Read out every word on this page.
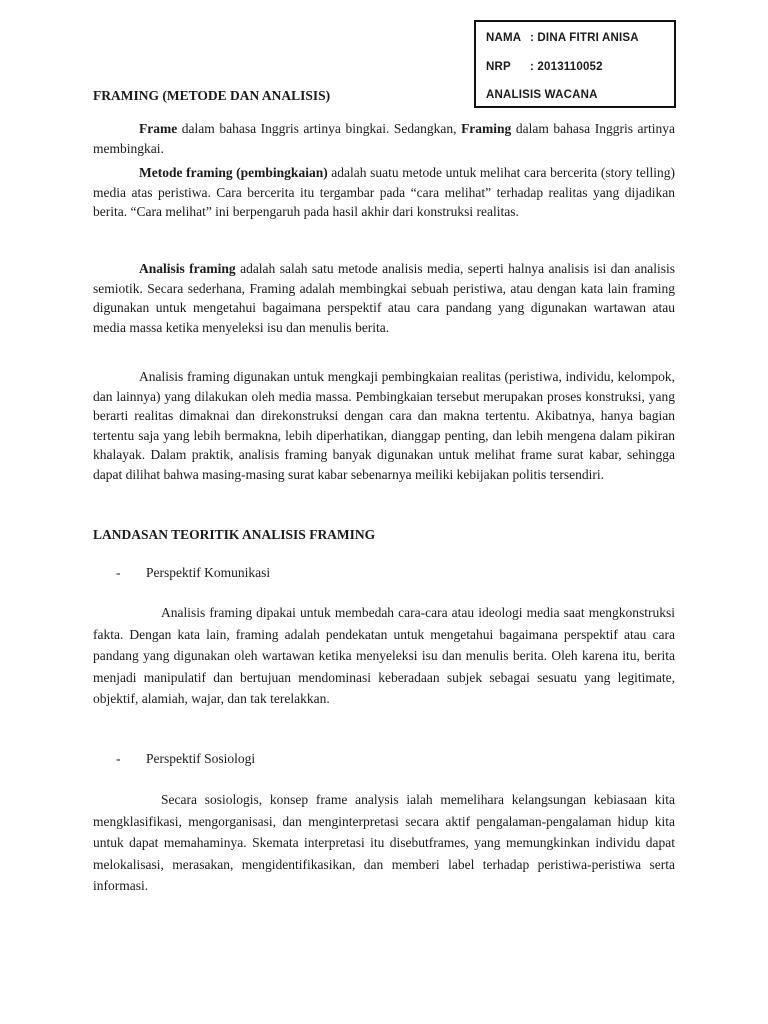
NAMA : DINA FITRI ANISA
NRP : 2013110052
ANALISIS WACANA
FRAMING (METODE DAN ANALISIS)

Frame dalam bahasa Inggris artinya bingkai. Sedangkan, Framing dalam bahasa Inggris artinya membingkai.

Metode framing (pembingkaian) adalah suatu metode untuk melihat cara bercerita (story telling) media atas peristiwa. Cara bercerita itu tergambar pada “cara melihat” terhadap realitas yang dijadikan berita. “Cara melihat” ini berpengaruh pada hasil akhir dari konstruksi realitas.

Analisis framing adalah salah satu metode analisis media, seperti halnya analisis isi dan analisis semiotik. Secara sederhana, Framing adalah membingkai sebuah peristiwa, atau dengan kata lain framing digunakan untuk mengetahui bagaimana perspektif atau cara pandang yang digunakan wartawan atau media massa ketika menyeleksi isu dan menulis berita.

Analisis framing digunakan untuk mengkaji pembingkaian realitas (peristiwa, individu, kelompok, dan lainnya) yang dilakukan oleh media massa. Pembingkaian tersebut merupakan proses konstruksi, yang berarti realitas dimaknai dan direkonstruksi dengan cara dan makna tertentu. Akibatnya, hanya bagian tertentu saja yang lebih bermakna, lebih diperhatikan, dianggap penting, dan lebih mengena dalam pikiran khalayak. Dalam praktik, analisis framing banyak digunakan untuk melihat frame surat kabar, sehingga dapat dilihat bahwa masing-masing surat kabar sebenarnya meiliki kebijakan politis tersendiri.

LANDASAN TEORITIK ANALISIS FRAMING
- Perspektif Komunikasi

Analisis framing dipakai untuk membedah cara-cara atau ideologi media saat mengkonstruksi fakta. Dengan kata lain, framing adalah pendekatan untuk mengetahui bagaimana perspektif atau cara pandang yang digunakan oleh wartawan ketika menyeleksi isu dan menulis berita. Oleh karena itu, berita menjadi manipulatif dan bertujuan mendominasi keberadaan subjek sebagai sesuatu yang legitimate, objektif, alamiah, wajar, dan tak terelakkan.

- Perspektif Sosiologi

Secara sosiologis, konsep frame analysis ialah memelihara kelangsungan kebiasaan kita mengklasifikasi, mengorganisasi, dan menginterpretasi secara aktif pengalaman-pengalaman hidup kita untuk dapat memahaminya. Skemata interpretasi itu disebutframes, yang memungkinkan individu dapat melokalisasi, merasakan, mengidentifikasikan, dan memberi label terhadap peristiwa-peristiwa serta informasi.
